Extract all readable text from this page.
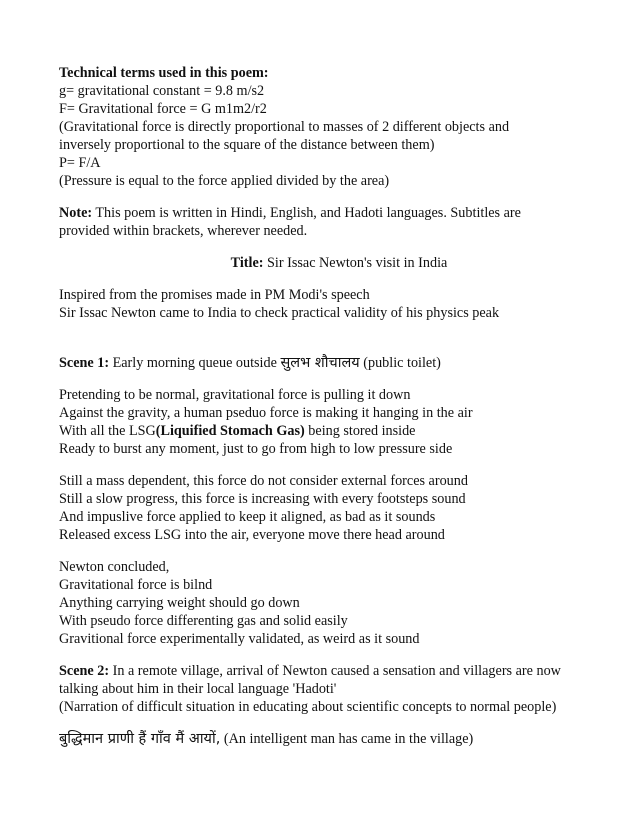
Technical terms used in this poem:
g= gravitational constant = 9.8 m/s2
F= Gravitational force = G m1m2/r2
(Gravitational force is directly proportional to masses of 2 different objects and
inversely proportional to the square of the distance between them)
P= F/A
(Pressure is equal to the force applied divided by the area)
Note: This poem is written in Hindi, English, and Hadoti languages. Subtitles are
provided within brackets, wherever needed.
Title: Sir Issac Newton's visit in India
Inspired from the promises made in PM Modi's speech
Sir Issac Newton came to India to check practical validity of his physics peak
Scene 1: Early morning queue outside सुलभ शौचालय (public toilet)
Pretending to be normal, gravitational force is pulling it down
Against the gravity, a human pseduo force is making it hanging in the air
With all the LSG(Liquified Stomach Gas) being stored inside
Ready to burst any moment, just to go from high to low pressure side
Still a mass dependent, this force do not consider external forces around
Still a slow progress, this force is increasing with every footsteps sound
And impuslive force applied to keep it aligned, as bad as it sounds
Released excess LSG into the air, everyone move there head around
Newton concluded,
Gravitational force is bilnd
Anything carrying weight should go down
With pseudo force differenting gas and solid easily
Gravitional force experimentally validated, as weird as it sound
Scene 2: In a remote village, arrival of Newton caused a sensation and villagers are now
talking about him in their local language 'Hadoti'
(Narration of difficult situation in educating about scientific concepts to normal people)
बुद्धिमान प्राणी हैं गाँव मैं आयों, (An intelligent man has came in the village)
